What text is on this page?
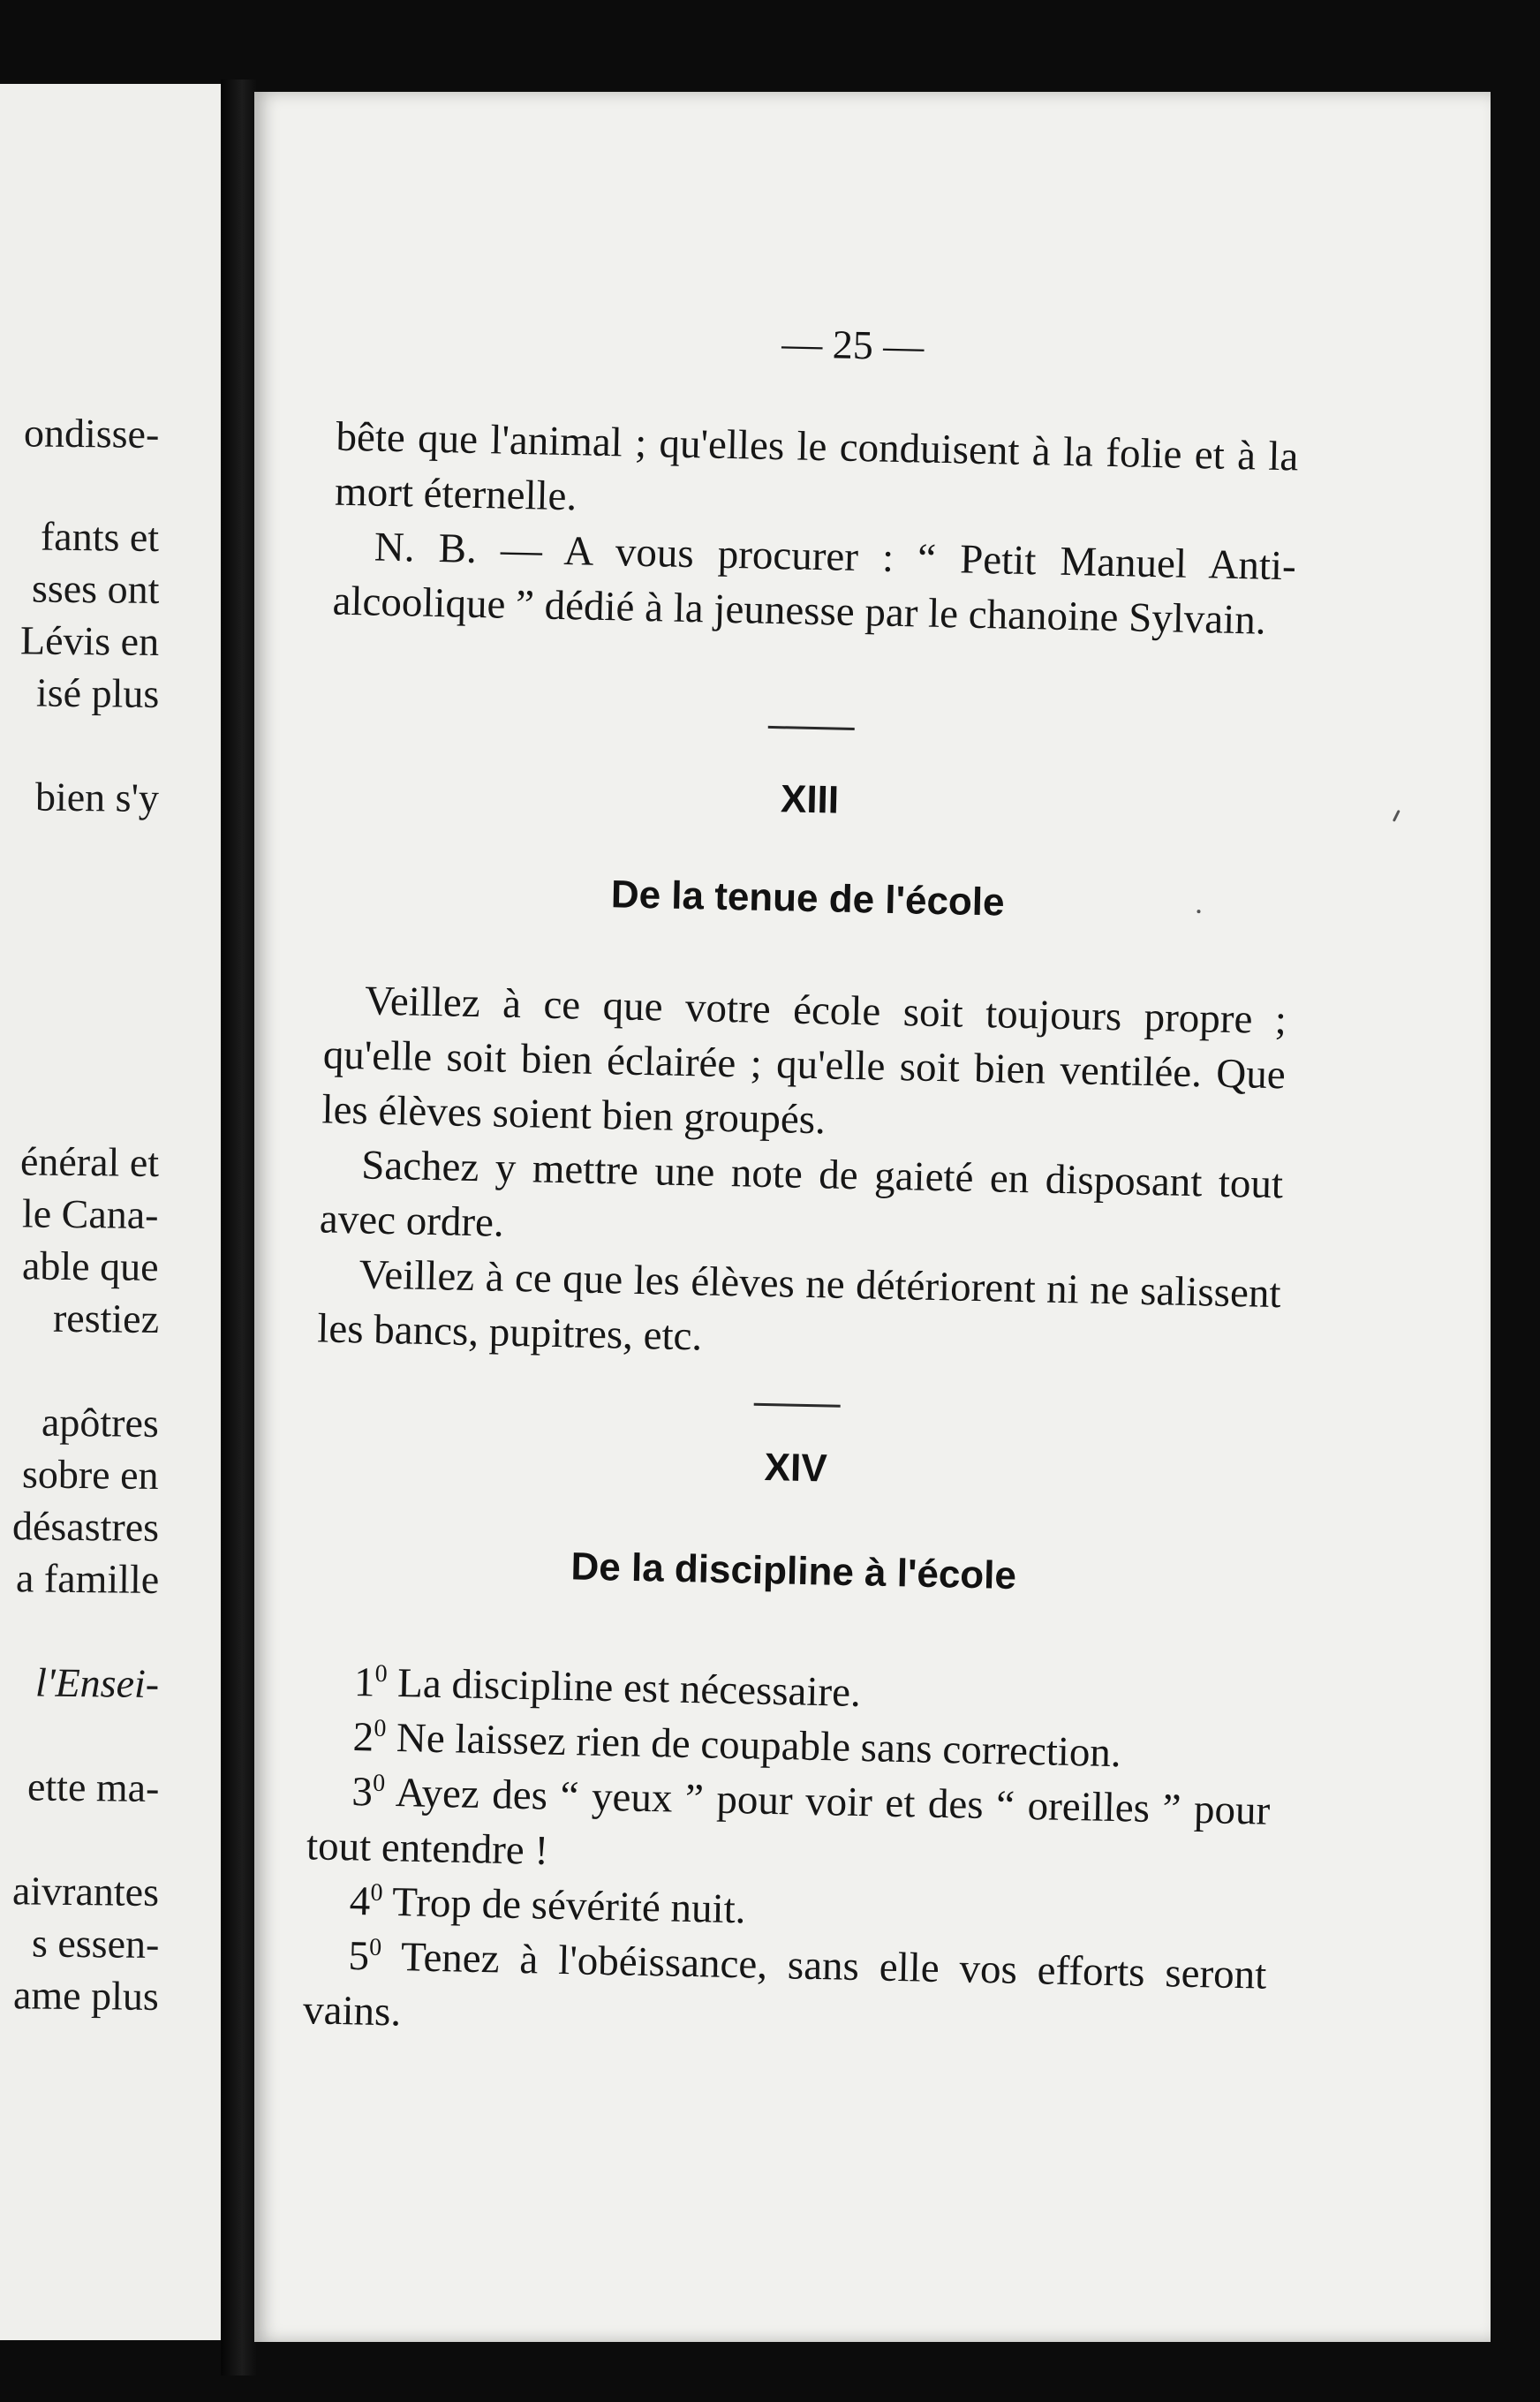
ondisse-
fants et
sses ont
Lévis en
isé plus
bien s'y
énéral et
le Cana-
able que
restiez
apôtres
sobre en
désastres
a famille
l'Ensei-
ette ma-
aivrantes
s essen-
ame plus
— 25 —
bête que l'animal ; qu'elles le conduisent à la folie et à la mort éternelle.
N. B. — A vous procurer : “ Petit Manuel Anti-alcoolique ” dédié à la jeunesse par le chanoine Sylvain.
XIII
De la tenue de l'école
Veillez à ce que votre école soit toujours propre ; qu'elle soit bien éclairée ; qu'elle soit bien ventilée. Que les élèves soient bien groupés.
Sachez y mettre une note de gaieté en disposant tout avec ordre.
Veillez à ce que les élèves ne détériorent ni ne salissent les bancs, pupitres, etc.
XIV
De la discipline à l'école
$1^0$ La discipline est nécessaire.
$2^0$ Ne laissez rien de coupable sans correction.
$3^0$ Ayez des “ yeux ” pour voir et des “ oreilles ” pour tout entendre !
$4^0$ Trop de sévérité nuit.
$5^0$ Tenez à l'obéissance, sans elle vos efforts seront vains.
